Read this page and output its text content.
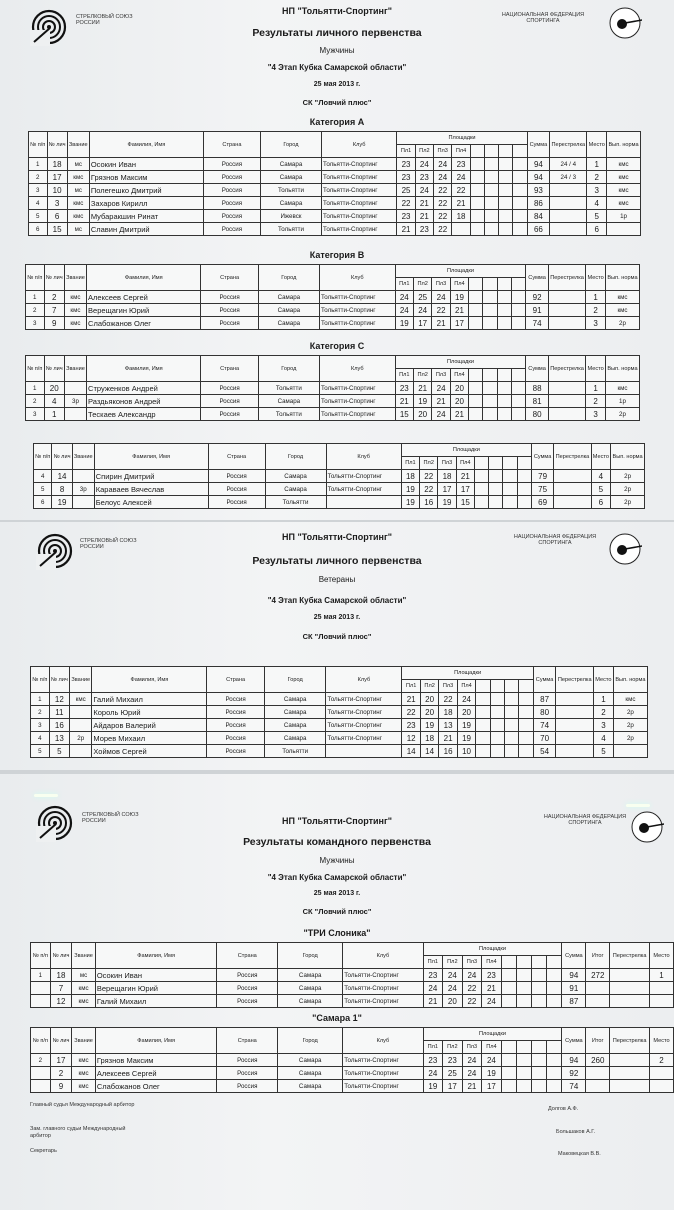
СТРЕЛКОВЫЙ СОЮЗ РОССИИ
НАЦИОНАЛЬНАЯ ФЕДЕРАЦИЯ СПОРТИНГА
НП "Тольятти-Спортинг"
Результаты личного первенства
Мужчины
"4 Этап Кубка Самарской области"
25 мая 2013 г.
СК "Ловчий плюс"
Категория А
№ п/п	№ лич	Звание	Фамилия, Имя	Страна	Город	Клуб	Площадки								Сумма	Перестрелка	Место	Вып. норма
							Пл1	Пл2	Пл3	Пл4								
1	18	мс	Осокин Иван	Россия	Самара	Тольятти-Спортинг	23	24	24	23					94	24 / 4	1	кмс
2	17	кмс	Грязнов Максим	Россия	Самара	Тольятти-Спортинг	23	23	24	24					94	24 / 3	2	кмс
3	10	мс	Полегешко Дмитрий	Россия	Тольятти	Тольятти-Спортинг	25	24	22	22					93		3	кмс
4	3	кмс	Захаров Кирилл	Россия	Самара	Тольятти-Спортинг	22	21	22	21					86		4	кмс
5	6	кмс	Мубаракшин Ринат	Россия	Ижевск	Тольятти-Спортинг	23	21	22	18					84		5	1р
6	15	мс	Славин Дмитрий	Россия	Тольятти	Тольятти-Спортинг	21	23	22						66		6	
Категория В
№ п/п	№ лич	Звание	Фамилия, Имя	Страна	Город	Клуб	Площадки								Сумма	Перестрелка	Место	Вып. норма
							Пл1	Пл2	Пл3	Пл4								
1	2	кмс	Алексеев Сергей	Россия	Самара	Тольятти-Спортинг	24	25	24	19					92		1	кмс
2	7	кмс	Верещагин Юрий	Россия	Самара	Тольятти-Спортинг	24	24	22	21					91		2	кмс
3	9	кмс	Слабожанов Олег	Россия	Самара	Тольятти-Спортинг	19	17	21	17					74		3	2р
Категория С
№ п/п	№ лич	Звание	Фамилия, Имя	Страна	Город	Клуб	Площадки								Сумма	Перестрелка	Место	Вып. норма
							Пл1	Пл2	Пл3	Пл4								
1	20		Струженков Андрей	Россия	Тольятти	Тольятти-Спортинг	23	21	24	20					88		1	кмс
2	4	3р	Раздьяконов Андрей	Россия	Самара	Тольятти-Спортинг	21	19	21	20					81		2	1р
3	1		Тескаев Александр	Россия	Тольятти	Тольятти-Спортинг	15	20	24	21					80		3	2р
№ п/п	№ лич	Звание	Фамилия, Имя	Страна	Город	Клуб	Площадки								Сумма	Перестрелка	Место	Вып. норма
							Пл1	Пл2	Пл3	Пл4								
4	14		Спирин Дмитрий	Россия	Самара	Тольятти-Спортинг	18	22	18	21					79		4	2р
5	8	3р	Караваев Вячеслав	Россия	Самара	Тольятти-Спортинг	19	22	17	17					75		5	2р
6	19		Белоус Алексей	Россия	Тольятти		19	16	19	15					69		6	2р
СТРЕЛКОВЫЙ СОЮЗ РОССИИ
НАЦИОНАЛЬНАЯ ФЕДЕРАЦИЯ СПОРТИНГА
НП "Тольятти-Спортинг"
Результаты личного первенства
Ветераны
"4 Этап Кубка Самарской области"
25 мая 2013 г.
СК "Ловчий плюс"
№ п/п	№ лич	Звание	Фамилия, Имя	Страна	Город	Клуб	Площадки								Сумма	Перестрелка	Место	Вып. норма
							Пл1	Пл2	Пл3	Пл4								
1	12	кмс	Галий Михаил	Россия	Самара	Тольятти-Спортинг	21	20	22	24					87		1	кмс
2	11		Король Юрий	Россия	Самара	Тольятти-Спортинг	22	20	18	20					80		2	2р
3	16		Айдаров Валерий	Россия	Самара	Тольятти-Спортинг	23	19	13	19					74		3	2р
4	13	2р	Морев Михаил	Россия	Самара	Тольятти-Спортинг	12	18	21	19					70		4	2р
5	5		Хоймов Сергей	Россия	Тольятти		14	14	16	10					54		5	
СТРЕЛКОВЫЙ СОЮЗ РОССИИ
НАЦИОНАЛЬНАЯ ФЕДЕРАЦИЯ СПОРТИНГА
НП "Тольятти-Спортинг"
Результаты командного первенства
Мужчины
"4 Этап Кубка Самарской области"
25 мая 2013 г.
СК "Ловчий плюс"
"ТРИ Слоника"
№ п/п	№ лич	Звание	Фамилия, Имя	Страна	Город	Клуб	Площадки								Сумма	Итог	Перестрелка	Место
							Пл1	Пл2	Пл3	Пл4								
1	18	мс	Осокин Иван	Россия	Самара	Тольятти-Спортинг	23	24	24	23					94	272		1
	7	кмс	Верещагин Юрий	Россия	Самара	Тольятти-Спортинг	24	24	22	21					91			
	12	кмс	Галий Михаил	Россия	Самара	Тольятти-Спортинг	21	20	22	24					87			
"Самара 1"
№ п/п	№ лич	Звание	Фамилия, Имя	Страна	Город	Клуб	Площадки								Сумма	Итог	Перестрелка	Место
							Пл1	Пл2	Пл3	Пл4								
2	17	кмс	Грязнов Максим	Россия	Самара	Тольятти-Спортинг	23	23	24	24					94	260		2
	2	кмс	Алексеев Сергей	Россия	Самара	Тольятти-Спортинг	24	25	24	19					92			
	9	кмс	Слабожанов Олег	Россия	Самара	Тольятти-Спортинг	19	17	21	17					74			
Главный судья Международный арбитор
Долгов А.Ф.
Зам. главного судьи Международный арбитор
Большаков А.Г.
Секретарь	Маковецкая В.В.
